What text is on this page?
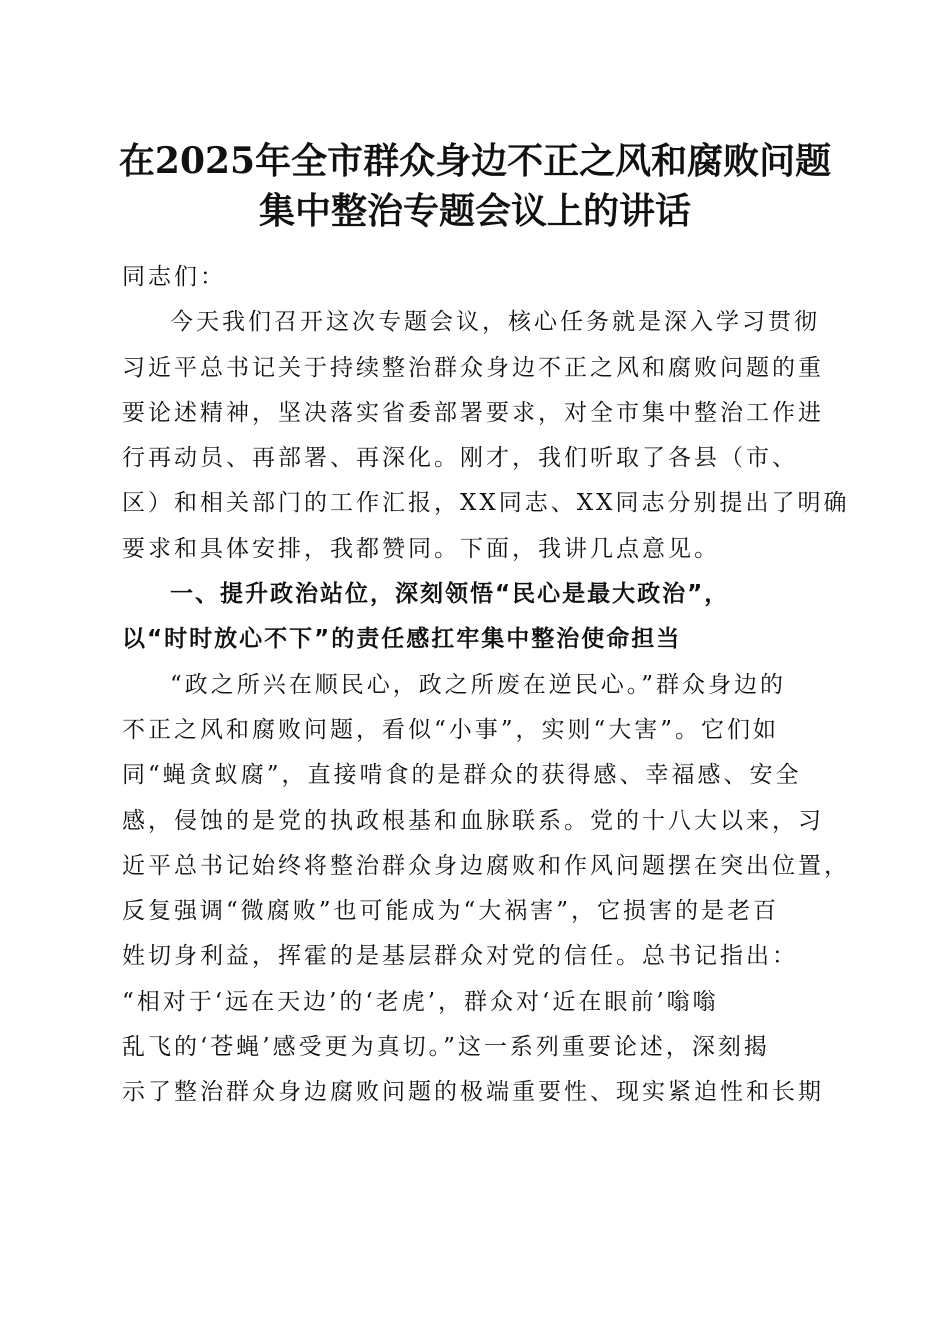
在2025年全市群众身边不正之风和腐败问题
集中整治专题会议上的讲话
同志们：
今天我们召开这次专题会议，核心任务就是深入学习贯彻
习近平总书记关于持续整治群众身边不正之风和腐败问题的重
要论述精神，坚决落实省委部署要求，对全市集中整治工作进
行再动员、再部署、再深化。刚才，我们听取了各县（市、
区）和相关部门的工作汇报，XX同志、XX同志分别提出了明确
要求和具体安排，我都赞同。下面，我讲几点意见。
一、提升政治站位，深刻领悟“民心是最大政治”，
以“时时放心不下”的责任感扛牢集中整治使命担当
“政之所兴在顺民心，政之所废在逆民心。”群众身边的
不正之风和腐败问题，看似“小事”，实则“大害”。它们如
同“蝇贪蚁腐”，直接啃食的是群众的获得感、幸福感、安全
感，侵蚀的是党的执政根基和血脉联系。党的十八大以来，习
近平总书记始终将整治群众身边腐败和作风问题摆在突出位置，
反复强调“微腐败”也可能成为“大祸害”，它损害的是老百
姓切身利益，挥霍的是基层群众对党的信任。总书记指出：
“相对于‘远在天边’的‘老虎’，群众对‘近在眼前’嗡嗡
乱飞的‘苍蝇’感受更为真切。”这一系列重要论述，深刻揭
示了整治群众身边腐败问题的极端重要性、现实紧迫性和长期
